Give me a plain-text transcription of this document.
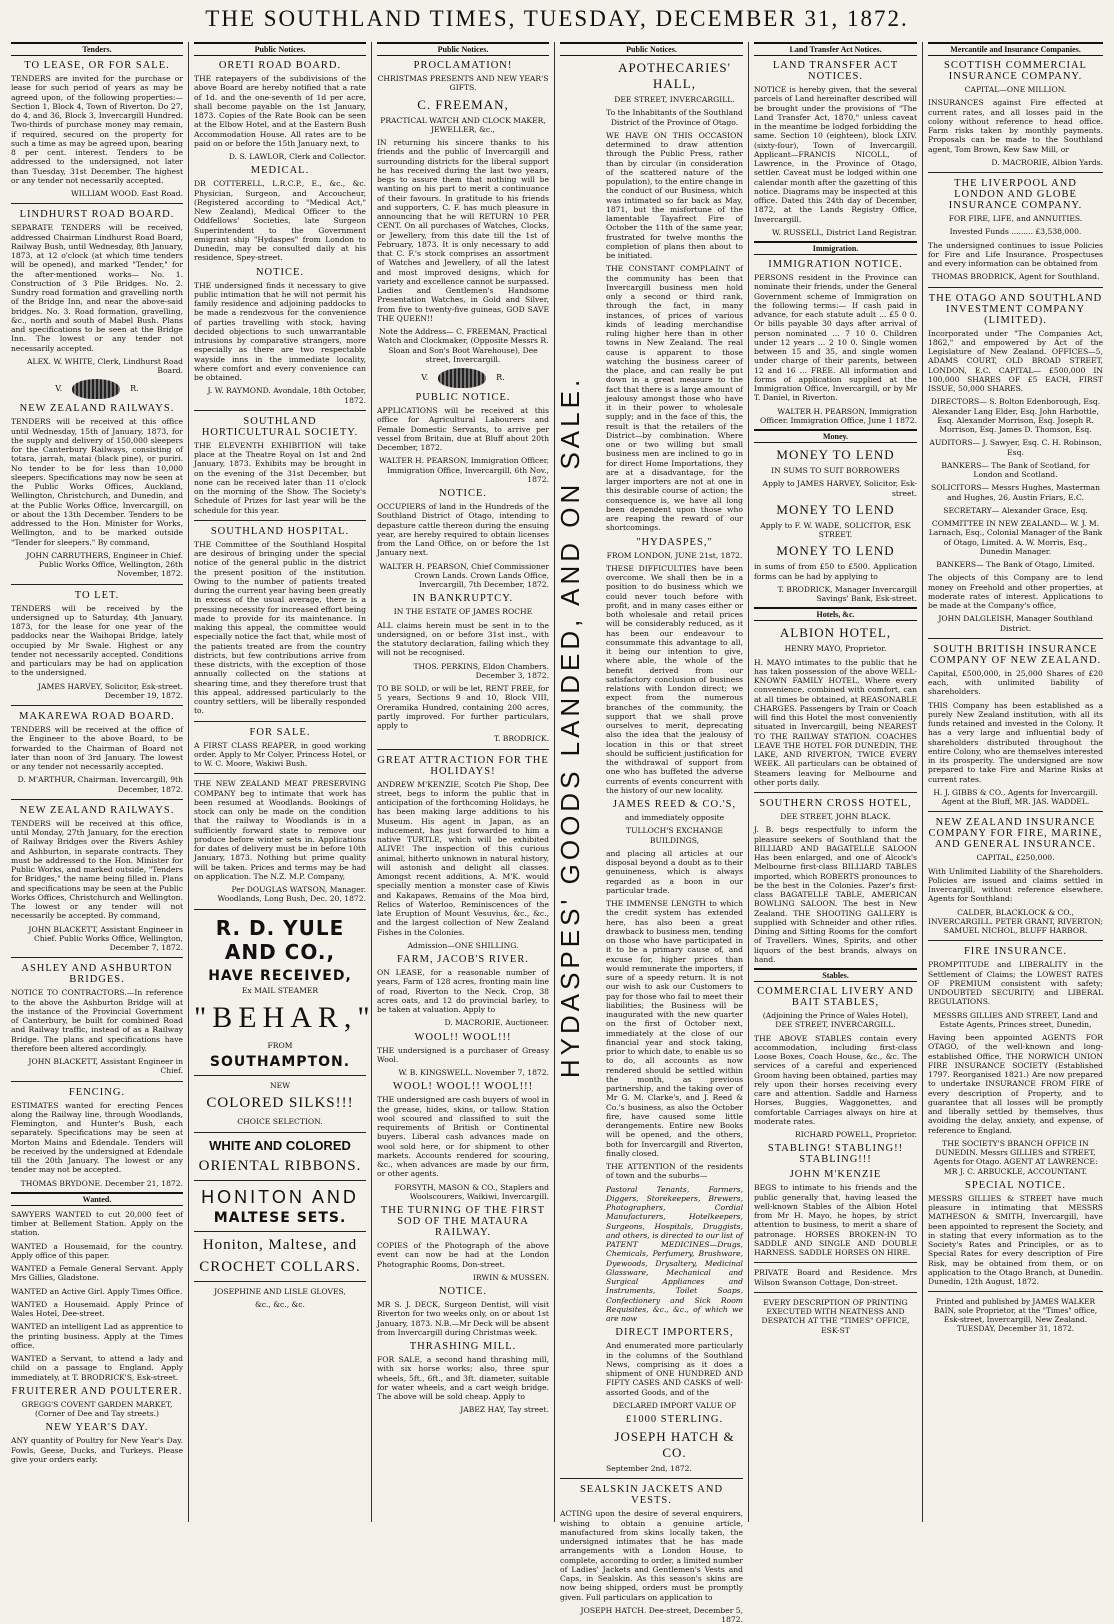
THE SOUTHLAND TIMES, TUESDAY, DECEMBER 31, 1872.
Tenders.
TO LEASE, OR FOR SALE.

TENDERS are invited for the purchase or lease for such period of years as may be agreed upon, of the following properties:— Section 1, Block 4, Town of Riverton. Do 27, do 4, and 36, Block 3, Invercargill Hundred. Two-thirds of purchase money may remain, if required, secured on the property for such a time as may be agreed upon, bearing 8 per cent. interest. Tenders to be addressed to the undersigned, not later than Tuesday, 31st December. The highest or any tender not necessarily accepted.

WILLIAM WOOD. East Road.

LINDHURST ROAD BOARD.

SEPARATE TENDERS will be received, addressed Chairman Lindhurst Road Board, Railway Bush, until Wednesday, 8th January, 1873, at 12 o'clock (at which time tenders will be opened), and marked "Tender," for the after-mentioned works— No. 1. Construction of 3 Pile Bridges. No. 2. Sundry road formation and gravelling north of the Bridge Inn, and near the above-said bridges. No. 3. Road formation, gravelling, &c., north and south of Mabel Bush. Plans and specifications to be seen at the Bridge Inn. The lowest or any tender not necessarily accepted.

ALEX. W. WHITE, Clerk, Lindhurst Road Board.

V.	R.
NEW ZEALAND RAILWAYS.

TENDERS will be received at this office until Wednesday, 15th of January, 1873, for the supply and delivery of 150,000 sleepers for the Canterbury Railways, consisting of totara, jarrah, matai (black pine), or puriri. No tender to be for less than 10,000 sleepers. Specifications may now be seen at the Public Works Offices, Auckland, Wellington, Christchurch, and Dunedin, and at the Public Works Office, Invercargill, on or about the 13th December. Tenders to be addressed to the Hon. Minister for Works, Wellington, and to be marked outside "Tender for sleepers." By command,

JOHN CARRUTHERS, Engineer in Chief. Public Works Office, Wellington, 26th November, 1872.

TO LET.

TENDERS will be received by the undersigned up to Saturday, 4th January, 1873, for the lease for one year of the paddocks near the Waihopai Bridge, lately occupied by Mr Swale. Highest or any tender not necessarily accepted. Conditions and particulars may be had on application to the undersigned.

JAMES HARVEY, Solicitor, Esk-street. December 19, 1872.

MAKAREWA ROAD BOARD.

TENDERS will be received at the office of the Engineer to the above Board, to be forwarded to the Chairman of Board not later than noon of 3rd January. The lowest or any tender not necessarily accepted.

D. M'ARTHUR, Chairman. Invercargill, 9th December, 1872.

NEW ZEALAND RAILWAYS.

TENDERS will be received at this office, until Monday, 27th January, for the erection of Railway Bridges over the Rivers Ashley and Ashburton, in separate contracts. They must be addressed to the Hon. Minister for Public Works, and marked outside, "Tenders for Bridges," the name being filled in. Plans and specifications may be seen at the Public Works Offices, Christchurch and Wellington. The lowest or any tender will not necessarily be accepted. By command,

JOHN BLACKETT, Assistant Engineer in Chief. Public Works Office, Wellington, December 7, 1872.

ASHLEY AND ASHBURTON BRIDGES.

NOTICE TO CONTRACTORS.—In reference to the above the Ashburton Bridge will at the instance of the Provincial Government of Canterbury, be built for combined Road and Railway traffic, instead of as a Railway Bridge. The plans and specifications have therefore been altered accordingly.

JOHN BLACKETT, Assistant Engineer in Chief.

FENCING.

ESTIMATES wanted for erecting Fences along the Railway line, through Woodlands, Flemington, and Hunter's Bush, each separately. Specifications may be seen at Morton Mains and Edendale. Tenders will be received by the undersigned at Edendale till the 20th January. The lowest or any tender may not be accepted.

THOMAS BRYDONE. December 21, 1872.

Wanted.

SAWYERS WANTED to cut 20,000 feet of timber at Bellement Station. Apply on the station.

WANTED a Housemaid, for the country. Apply office of this paper.

WANTED a Female General Servant. Apply Mrs Gillies, Gladstone.

WANTED an Active Girl. Apply Times Office.

WANTED a Housemaid. Apply Prince of Wales Hotel, Dee-street.

WANTED an intelligent Lad as apprentice to the printing business. Apply at the Times office.

WANTED a Servant, to attend a lady and child on a passage to England. Apply immediately, at T. BRODRICK'S, Esk-street.

FRUITERER AND POULTERER.

GREGG'S COVENT GARDEN MARKET, (Corner of Dee and Tay streets.)

NEW YEAR'S DAY.

ANY quantity of Poultry for New Year's Day. Fowls, Geese, Ducks, and Turkeys. Please give your orders early.

Public Notices.
ORETI ROAD BOARD.

THE ratepayers of the subdivisions of the above Board are hereby notified that a rate of 1d. and the one-seventh of 1d per acre, shall become payable on the 1st January, 1873. Copies of the Rate Book can be seen at the Elbow Hotel, and at the Eastern Bush Accommodation House. All rates are to be paid on or before the 15th January next, to

D. S. LAWLOR, Clerk and Collector.

MEDICAL.

DR COTTERELL, L.R.C.P., E., &c., &c. Physician, Surgeon, and Accoucheur, (Registered according to "Medical Act," New Zealand), Medical Officer to the Oddfellows' Societies, late Surgeon Superintendent to the Government emigrant ship "Hydaspes" from London to Dunedin, may be consulted daily at his residence, Spey-street.

NOTICE.

THE undersigned finds it necessary to give public intimation that he will not permit his family residence and adjoining paddocks to be made a rendezvous for the convenience of parties travelling with stock, having decided objections to such unwarrantable intrusions by comparative strangers, more especially as there are two respectable wayside inns in the immediate locality, where comfort and every convenience can be obtained.

J. W. RAYMOND. Avondale, 18th October, 1872.

SOUTHLAND HORTICULTURAL SOCIETY.

THE ELEVENTH EXHIBITION will take place at the Theatre Royal on 1st and 2nd January, 1873. Exhibits may be brought in on the evening of the 31st December, but none can be received later than 11 o'clock on the morning of the Show. The Society's Schedule of Prizes for last year will be the schedule for this year.

SOUTHLAND HOSPITAL.

THE Committee of the Southland Hospital are desirous of bringing under the special notice of the general public in the district the present position of the institution. Owing to the number of patients treated during the current year having been greatly in excess of the usual average, there is a pressing necessity for increased effort being made to provide for its maintenance. In making this appeal, the committee would especially notice the fact that, while most of the patients treated are from the country districts, but few contributions arrive from these districts, with the exception of those annually collected on the stations at shearing time, and they therefore trust that this appeal, addressed particularly to the country settlers, will be liberally responded to.

FOR SALE.

A FIRST CLASS REAPER, in good working order. Apply to Mr Colyer, Princess Hotel, or to W. C. Moore, Wakiwi Bush.

THE NEW ZEALAND MEAT PRESERVING COMPANY beg to intimate that work has been resumed at Woodlands. Bookings of stock can only be made on the condition that the railway to Woodlands is in a sufficiently forward state to remove our produce before winter sets in. Applications for dates of delivery must be in before 10th January, 1873. Nothing but prime quality will be taken. Prices and terms may be had on application. The N.Z. M.P. Company,

Per DOUGLAS WATSON, Manager. Woodlands, Long Bush, Dec. 20, 1872.

R. D. YULE AND CO.,
HAVE RECEIVED,

Ex MAIL STEAMER

"BEHAR,"

FROM

SOUTHAMPTON.

NEW

COLORED SILKS!!!

CHOICE SELECTION.

WHITE AND COLORED
ORIENTAL RIBBONS.
HONITON AND
MALTESE SETS.
Honiton, Maltese, and
CROCHET COLLARS.

JOSEPHINE AND LISLE GLOVES,

&c., &c., &c.

Public Notices.
PROCLAMATION!

CHRISTMAS PRESENTS AND NEW YEAR'S GIFTS.

C. FREEMAN,

PRACTICAL WATCH AND CLOCK MAKER, JEWELLER, &c.,

IN returning his sincere thanks to his friends and the public of Invercargill and surrounding districts for the liberal support he has received during the last two years, begs to assure them that nothing will be wanting on his part to merit a continuance of their favours. In gratitude to his friends and supporters, C. F. has much pleasure in announcing that he will RETURN 10 PER CENT. On all purchases of Watches, Clocks, or Jewellery, from this date till the 1st of February, 1873. It is only necessary to add that C. F.'s stock comprises an assortment of Watches and Jewellery, of all the latest and most improved designs, which for variety and excellence cannot be surpassed. Ladies and Gentlemen's Handsome Presentation Watches, in Gold and Silver, from five to twenty-five guineas, GOD SAVE THE QUEEN!!

Note the Address— C. FREEMAN, Practical Watch and Clockmaker, (Opposite Messrs R. Sloan and Son's Boot Warehouse), Dee street, Invercargill.

V.	R.
PUBLIC NOTICE.

APPLICATIONS will be received at this office for Agricultural Labourers and Female Domestic Servants, to arrive per vessel from Britain, due at Bluff about 20th December, 1872.

WALTER H. PEARSON, Immigration Officer. Immigration Office, Invercargill, 6th Nov., 1872.

NOTICE.

OCCUPIERS of land in the Hundreds of the Southland District of Otago, intending to depasture cattle thereon during the ensuing year, are hereby required to obtain licenses from the Land Office, on or before the 1st January next.

WALTER H. PEARSON, Chief Commissioner Crown Lands. Crown Lands Office, Invercargill, 7th December, 1872.

IN BANKRUPTCY.

IN THE ESTATE OF JAMES ROCHE

ALL claims herein must be sent in to the undersigned, on or before 31st inst., with the statutory declaration, failing which they will not be recognised.

THOS. PERKINS, Eldon Chambers. December 3, 1872.

TO BE SOLD, or will be let, RENT FREE, for 5 years, Sections 9 and 10, Block VIII, Oreramika Hundred, containing 200 acres, partly improved. For further particulars, apply to

T. BRODRICK.

GREAT ATTRACTION FOR THE HOLIDAYS!

ANDREW M'KENZIE, Scotch Pie Shop, Dee street, begs to inform the public that in anticipation of the forthcoming Holidays, he has been making large additions to his Museum. His agent in Japan, as an inducement, has just forwarded to him a native TURTLE, which will be exhibited ALIVE! The inspection of this curious animal, hitherto unknown in natural history, will astonish and delight all classes. Amongst recent additions, A. M'K. would specially mention a monster case of Kiwis and Kakapaws, Remains of the Moa bird, Relics of Waterloo, Reminiscences of the late Eruption of Mount Vesuvius, &c., &c., and the largest collection of New Zealand Fishes in the Colonies.

Admission—ONE SHILLING.

FARM, JACOB'S RIVER.

ON LEASE, for a reasonable number of years, Farm of 128 acres, fronting main line of road, Riverton to the Neck. Crop, 38 acres oats, and 12 do provincial barley, to be taken at valuation. Apply to

D. MACRORIE, Auctioneer.

WOOL!! WOOL!!!

THE undersigned is a purchaser of Greasy Wool.

W. B. KINGSWELL. November 7, 1872.

WOOL! WOOL!! WOOL!!!

THE undersigned are cash buyers of wool in the grease, hides, skins, or tallow. Station wool scoured and classified to suit the requirements of British or Continental buyers. Liberal cash advances made on wool sold here, or for shipment to other markets. Accounts rendered for scouring, &c., when advances are made by our firm, or other agents.

FORSYTH, MASON & CO., Staplers and Woolscourers, Waikiwi, Invercargill.

THE TURNING OF THE FIRST SOD OF THE MATAURA RAILWAY.

COPIES of the Photograph of the above event can now be had at the London Photographic Rooms, Don-street.

IRWIN & MUSSEN.

NOTICE.

MR S. J. DECK, Surgeon Dentist, will visit Riverton for two weeks only, on or about 1st January, 1873. N.B.—Mr Deck will be absent from Invercargill during Christmas week.

THRASHING MILL.

FOR SALE, a second hand thrashing mill, with six horse works; also, three spur wheels, 5ft., 6ft., and 3ft. diameter, suitable for water wheels, and a cart weigh bridge. The above will be sold cheap. Apply to

JABEZ HAY, Tay street.

Public Notices.
HYDASPES' GOODS LANDED, AND ON SALE.
APOTHECARIES' HALL,

DEE STREET, INVERCARGILL.

To the Inhabitants of the Southland District of the Province of Otago.

WE HAVE ON THIS OCCASION determined to draw attention through the Public Press, rather than by circular (in consideration of the scattered nature of the population), to the entire change in the conduct of our Business, which was intimated so far back as May, 1871, but the misfortune of the lamentable Tayafrect Fire of October the 11th of the same year, frustrated for twelve months the completion of plans then about to be initiated.

THE CONSTANT COMPLAINT of the community has been that Invercargill business men hold only a second or third rank, through the fact, in many instances, of prices of various kinds of leading merchandise ruling higher here than in other towns in New Zealand. The real cause is apparent to those watching the business career of the place, and can really be put down in a great measure to the fact that there is a large amount of jealousy amongst those who have it in their power to wholesale supply; and in the face of this, the result is that the retailers of the District—by combination. Where one or two willing but small business men are inclined to go in for direct Home Importations, they are at a disadvantage, for the larger importers are not at one in this desirable course of action; the consequence is, we have all long been dependent upon those who are reaping the reward of our shortcomings.

"HYDASPES,"

FROM LONDON, JUNE 21st, 1872.

THESE DIFFICULTIES have been overcome. We shall then be in a position to do business which we could never touch before with profit, and in many cases either or both wholesale and retail prices will be considerably reduced, as it has been our endeavour to consummate this advantage to all, it being our intention to give, where able, the whole of the benefit derived from our satisfactory conclusion of business relations with London direct; we expect from the numerous branches of the community, the support that we shall prove ourselves to merit, deprecating also the idea that the jealousy of location in this or that street should be sufficient justification for the withdrawal of support from one who has buffeted the adverse currents of events concurrent with the history of our new locality.

JAMES REED & CO.'S,

and immediately opposite

TULLOCH'S EXCHANGE BUILDINGS,

and placing all articles at our disposal beyond a doubt as to their genuineness, which is always regarded as a boon in our particular trade.

THE IMMENSE LENGTH to which the credit system has extended here, has also been a great drawback to business men, tending on those who have participated in it to be a primary cause of, and excuse for, higher prices than would remunerate the importers, if sure of a speedy return. It is not our wish to ask our Customers to pay for those who fail to meet their liabilities; the Business will be inaugurated with the new quarter on the first of October next, immediately at the close of our financial year and stock taking, prior to which date, to enable us so to do, all accounts as now rendered should be settled within the month, as previous partnership, and the taking over of Mr G. M. Clarke's, and J. Reed & Co.'s business, as also the October fire, have caused some little derangements. Entire new Books will be opened, and the others, both for Invercargill and Riverton, finally closed.

THE ATTENTION of the residents of town and the suburbs—

Pastoral Tenants, Farmers, Diggers, Storekeepers, Brewers, Photographers, Cordial Manufacturers, Hotelkeepers, Surgeons, Hospitals, Druggists, and others, is directed to our list of PATENT MEDICINES—Drugs, Chemicals, Perfumery, Brushware, Dyewoods, Drysaltery, Medicinal Glassware, Mechanical and Surgical Appliances and Instruments, Toilet Soaps, Confectionery and Sick Room Requisites, &c., &c., of which we are now

DIRECT IMPORTERS,

And enumerated more particularly in the columns of the Southland News, comprising as it does a shipment of ONE HUNDRED AND FIFTY CASES AND CASKS of well-assorted Goods, and of the

DECLARED IMPORT VALUE OF

£1000 STERLING.
JOSEPH HATCH & CO.

September 2nd, 1872.

SEALSKIN JACKETS AND VESTS.

ACTING upon the desire of several enquirers, wishing to obtain a genuine article, manufactured from skins locally taken, the undersigned intimates that he has made arrangements with a London House, to complete, according to order, a limited number of Ladies' Jackets and Gentlemen's Vests and Caps, in Sealskin. As this season's skins are now being shipped, orders must be promptly given. Full particulars on application to

JOSEPH HATCH. Dee-street, December 5, 1872.

Land Transfer Act Notices.
LAND TRANSFER ACT NOTICES.

NOTICE is hereby given, that the several parcels of Land hereinafter described will be brought under the provisions of "The Land Transfer Act, 1870," unless caveat in the meantime be lodged forbidding the same. Section 10 (eighteen), block LXIV. (sixty-four), Town of Invercargill. Applicant—FRANCIS NICOLL, of Lawrence, in the Province of Otago, settler. Caveat must be lodged within one calendar month after the gazetting of this notice. Diagrams may be inspected at this office. Dated this 24th day of December, 1872, at the Lands Registry Office, Invercargill.

W. RUSSELL, District Land Registrar.

Immigration.
IMMIGRATION NOTICE.

PERSONS resident in the Province can nominate their friends, under the General Government scheme of Immigration on the following terms:— If cash paid in advance, for each statute adult ... £5 0 0. Or bills payable 30 days after arrival of person nominated ... 7 10 0. Children under 12 years ... 2 10 0. Single women between 15 and 35, and single women under charge of their parents, between 12 and 16 ... FREE. All information and forms of application supplied at the Immigration Office, Invercargill, or by Mr T. Daniel, in Riverton.

WALTER H. PEARSON, Immigration Officer. Immigration Office, June 1 1872.

Money.
MONEY TO LEND

IN SUMS TO SUIT BORROWERS

Apply to JAMES HARVEY, Solicitor, Esk-street.

MONEY TO LEND

Apply to F. W. WADE, SOLICITOR, ESK STREET.

MONEY TO LEND

in sums of from £50 to £500. Application forms can be had by applying to

T. BRODRICK, Manager Invercargill Savings' Bank, Esk-street.

Hotels, &c.
ALBION HOTEL,

HENRY MAYO, Proprietor.

H. MAYO intimates to the public that he has taken possession of the above WELL-KNOWN FAMILY HOTEL, Where every convenience, combined with comfort, can at all times be obtained, at REASONABLE CHARGES. Passengers by Train or Coach will find this Hotel the most conveniently situated in Invercargill, being NEAREST TO THE RAILWAY STATION. COACHES LEAVE THE HOTEL FOR DUNEDIN, THE LAKE, AND RIVERTON, TWICE EVERY WEEK. All particulars can be obtained of Steamers leaving for Melbourne and other ports daily.

SOUTHERN CROSS HOTEL,

DEE STREET, JOHN BLACK.

J. B. begs respectfully to inform the pleasure seekers of Southland that the BILLIARD AND BAGATELLE SALOON Has been enlarged, and one of Alcock's Melbourne first-class BILLIARD TABLES imported, which ROBERTS pronounces to be the best in the Colonies. Pazer's first-class BAGATELLE TABLE, AMERICAN BOWLING SALOON. The best in New Zealand. THE SHOOTING GALLERY is supplied with Schneider and other rifles. Dining and Sitting Rooms for the comfort of Travellers. Wines, Spirits, and other liquors of the best brands, always on hand.

Stables.
COMMERCIAL LIVERY AND BAIT STABLES,

(Adjoining the Prince of Wales Hotel), DEE STREET, INVERCARGILL.

THE ABOVE STABLES contain every accommodation, including first-class Loose Boxes, Coach House, &c., &c. The services of a careful and experienced Groom having been obtained, parties may rely upon their horses receiving every care and attention. Saddle and Harness Horses, Buggies, Waggonettes, and comfortable Carriages always on hire at moderate rates.

RICHARD POWELL, Proprietor.

STABLING! STABLING!! STABLING!!!
JOHN M'KENZIE

BEGS to intimate to his friends and the public generally that, having leased the well-known Stables of the Albion Hotel from Mr H. Mayo, he hopes, by strict attention to business, to merit a share of patronage. HORSES BROKEN-IN TO SADDLE AND SINGLE AND DOUBLE HARNESS. SADDLE HORSES ON HIRE.

PRIVATE Board and Residence. Mrs Wilson Swanson Cottage, Don-street.

EVERY DESCRIPTION OF PRINTING EXECUTED WITH NEATNESS AND DESPATCH AT THE "TIMES" OFFICE, ESK-ST

Mercantile and Insurance Companies.
SCOTTISH COMMERCIAL INSURANCE COMPANY.

CAPITAL—ONE MILLION.

INSURANCES against Fire effected at current rates, and all losses paid in the colony without reference to head office. Farm risks taken by monthly payments. Proposals can be made to the Southland agent, Tom Brown, Kew Saw Mill, or

D. MACRORIE, Albion Yards.

THE LIVERPOOL AND LONDON AND GLOBE INSURANCE COMPANY.

FOR FIRE, LIFE, and ANNUITIES.

Invested Funds ......... £3,538,000.

The undersigned continues to issue Policies for Fire and Life Insurance. Prospectuses and every information can be obtained from

THOMAS BRODRICK, Agent for Southland.

THE OTAGO AND SOUTHLAND INVESTMENT COMPANY (LIMITED).

Incorporated under "The Companies Act, 1862," and empowered by Act of the Legislature of New Zealand. OFFICES—5, ADAMS COURT, OLD BROAD STREET, LONDON, E.C. CAPITAL— £500,000 IN 100,000 SHARES OF £5 EACH, FIRST ISSUE, 50,000 SHARES.

DIRECTORS— S. Bolton Edenborough, Esq. Alexander Lang Elder, Esq. John Harbottle, Esq. Alexander Morrison, Esq. Joseph R. Morrison, Esq. James D. Thomson, Esq.

AUDITORS— J. Sawyer, Esq. C. H. Robinson, Esq.

BANKERS— The Bank of Scotland, for London and Scotland.

SOLICITORS— Messrs Hughes, Masterman and Hughes, 26, Austin Friars, E.C.

SECRETARY— Alexander Grace, Esq.

COMMITTEE IN NEW ZEALAND— W. J. M. Larnach, Esq., Colonial Manager of the Bank of Otago, Limited. A. W. Morris, Esq., Dunedin Manager.

BANKERS— The Bank of Otago, Limited.

The objects of this Company are to lend money on Freehold and other properties, at moderate rates of interest. Applications to be made at the Company's office,

JOHN DALGLEISH, Manager Southland District.

SOUTH BRITISH INSURANCE COMPANY OF NEW ZEALAND.

Capital, £500,000, in 25,000 Shares of £20 each, with unlimited liability of shareholders.

THIS Company has been established as a purely New Zealand institution, with all its funds retained and invested in the Colony. It has a very large and influential body of shareholders distributed throughout the entire Colony, who are themselves interested in its prosperity. The undersigned are now prepared to take Fire and Marine Risks at current rates.

H. J. GIBBS & CO., Agents for Invercargill. Agent at the Bluff, MR. JAS. WADDEL.

NEW ZEALAND INSURANCE COMPANY FOR FIRE, MARINE, AND GENERAL INSURANCE.

CAPITAL, £250,000.

With Unlimited Liability of the Shareholders. Policies are issued and claims settled in Invercargill, without reference elsewhere. Agents for Southland:

CALDER, BLACKLOCK & CO., INVERCARGILL. PETER GRANT, RIVERTON; SAMUEL NICHOL, BLUFF HARBOR.

FIRE INSURANCE.

PROMPTITUDE and LIBERALITY in the Settlement of Claims; the LOWEST RATES OF PREMIUM consistent with safety; UNDOUBTED SECURITY; and LIBERAL REGULATIONS.

MESSRS GILLIES AND STREET, Land and Estate Agents, Princes street, Dunedin,

Having been appointed AGENTS FOR OTAGO, of the well-known and long-established Office, THE NORWICH UNION FIRE INSURANCE SOCIETY (Established 1797. Reorganised 1821.) Are now prepared to undertake INSURANCE FROM FIRE of every description of Property, and to guarantee that all losses will be promptly and liberally settled by themselves, thus avoiding the delay, anxiety, and expense, of reference to England.

THE SOCIETY'S BRANCH OFFICE IN DUNEDIN. Messrs GILLIES and STREET, Agents for Otago. AGENT AT LAWRENCE: MR J. C. ARBUCKLE, ACCOUNTANT.

SPECIAL NOTICE.

MESSRS GILLIES & STREET have much pleasure in intimating that MESSRS MATHESON & SMITH, Invercargill, have been appointed to represent the Society, and in stating that every information as to the Society's Rates and Principles, or as to Special Rates for every description of Fire Risk, may be obtained from them, or on application to the Otago Branch, at Dunedin. Dunedin, 12th August, 1872.

Printed and published by JAMES WALKER BAIN, sole Proprietor, at the "Times" office, Esk-street, Invercargill, New Zealand. TUESDAY, December 31, 1872.
